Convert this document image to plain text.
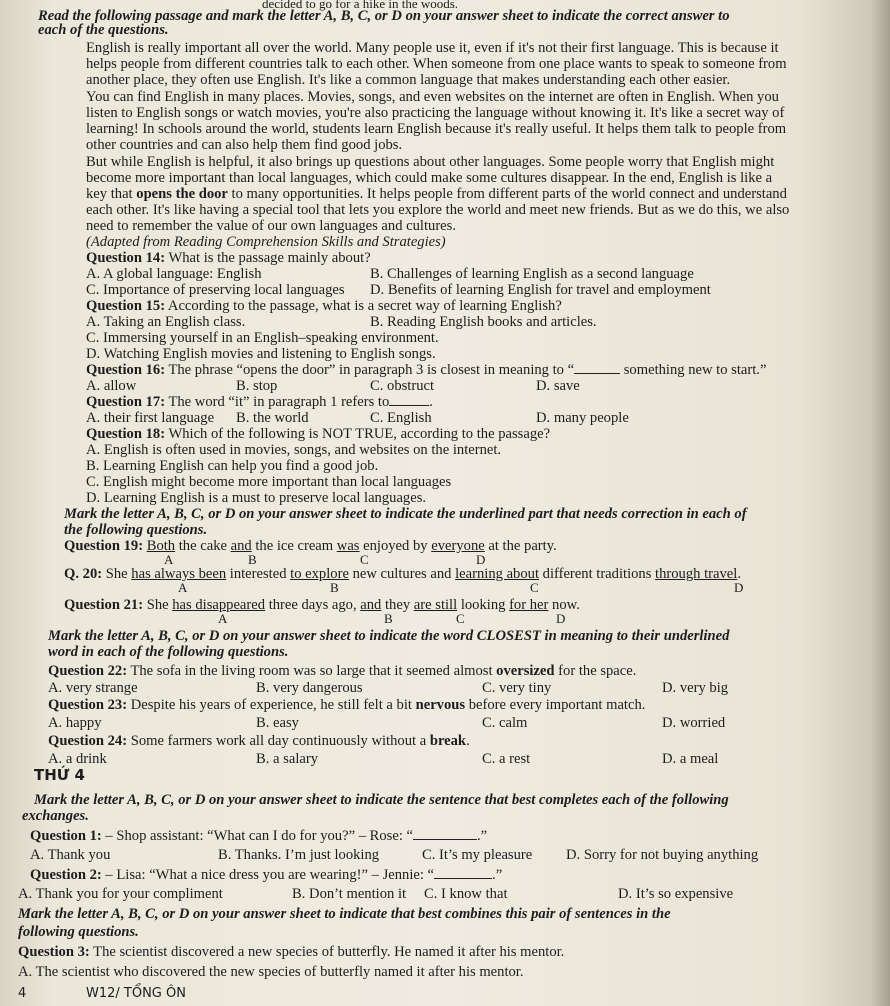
decided to go for a hike in the woods.
Read the following passage and mark the letter A, B, C, or D on your answer sheet to indicate the correct answer to
each of the questions.
English is really important all over the world. Many people use it, even if it's not their first language. This is because it
helps people from different countries talk to each other. When someone from one place wants to speak to someone from
another place, they often use English. It's like a common language that makes understanding each other easier.
You can find English in many places. Movies, songs, and even websites on the internet are often in English. When you
listen to English songs or watch movies, you're also practicing the language without knowing it. It's like a secret way of
learning! In schools around the world, students learn English because it's really useful. It helps them talk to people from
other countries and can also help them find good jobs.
But while English is helpful, it also brings up questions about other languages. Some people worry that English might
become more important than local languages, which could make some cultures disappear. In the end, English is like a
key that opens the door to many opportunities. It helps people from different parts of the world connect and understand
each other. It's like having a special tool that lets you explore the world and meet new friends. But as we do this, we also
need to remember the value of our own languages and cultures.
(Adapted from Reading Comprehension Skills and Strategies)
Question 14: What is the passage mainly about?
A. A global language: English	B. Challenges of learning English as a second language
C. Importance of preserving local languages D. Benefits of learning English for travel and employment
Question 15: According to the passage, what is a secret way of learning English?
A. Taking an English class.	B. Reading English books and articles.
C. Immersing yourself in an English–speaking environment.
D. Watching English movies and listening to English songs.
Question 16: The phrase “opens the door” in paragraph 3 is closest in meaning to “	something new to start.”
A. allow	B. stop	C. obstruct	D. save
Question 17: The word “it” in paragraph 1 refers to	.
A. their first language B. the world	C. English	D. many people
Question 18: Which of the following is NOT TRUE, according to the passage?
A. English is often used in movies, songs, and websites on the internet.
B. Learning English can help you find a good job.
C. English might become more important than local languages
D. Learning English is a must to preserve local languages.
Mark the letter A, B, C, or D on your answer sheet to indicate the underlined part that needs correction in each of
the following questions.
Question 19: Both the cake and the ice cream was enjoyed by everyone at the party.
A	B	C	D
Q. 20: She has always been interested to explore new cultures and learning about different traditions through travel.
A	B	C	D
Question 21: She has disappeared three days ago, and they are still looking for her now.
A	B	C	D
Mark the letter A, B, C, or D on your answer sheet to indicate the word CLOSEST in meaning to their underlined
word in each of the following questions.
Question 22: The sofa in the living room was so large that it seemed almost oversized for the space.
A. very strange	B. very dangerous	C. very tiny	D. very big
Question 23: Despite his years of experience, he still felt a bit nervous before every important match.
A. happy	B. easy	C. calm	D. worried
Question 24: Some farmers work all day continuously without a break.
A. a drink	B. a salary	C. a rest	D. a meal
THỨ 4
Mark the letter A, B, C, or D on your answer sheet to indicate the sentence that best completes each of the following
exchanges.
Question 1: – Shop assistant: “What can I do for you?” – Rose: “	.”
A. Thank you	B. Thanks. I’m just looking	C. It’s my pleasure D. Sorry for not buying anything
Question 2: – Lisa: “What a nice dress you are wearing!” – Jennie: “	.”
A. Thank you for your compliment	B. Don’t mention it C. I know that	D. It’s so expensive
Mark the letter A, B, C, or D on your answer sheet to indicate that best combines this pair of sentences in the
following questions.
Question 3: The scientist discovered a new species of butterfly. He named it after his mentor.
A. The scientist who discovered the new species of butterfly named it after his mentor.
4	W12/ TỔNG ÔN
